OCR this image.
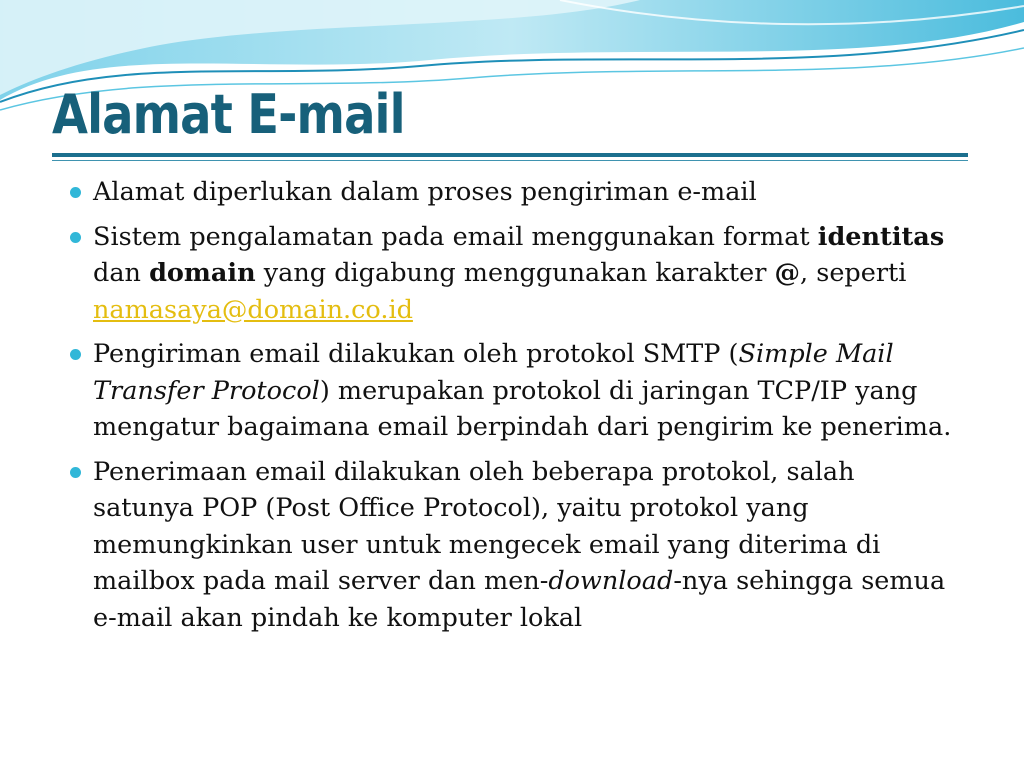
Alamat E-mail
Alamat diperlukan dalam proses pengiriman e-mail
Sistem pengalamatan pada email menggunakan format identitas dan domain yang digabung menggunakan karakter @, seperti namasaya@domain.co.id
Pengiriman email dilakukan oleh protokol SMTP (Simple Mail Transfer Protocol) merupakan protokol di jaringan TCP/IP yang mengatur bagaimana email berpindah dari pengirim ke penerima.
Penerimaan email dilakukan oleh beberapa protokol, salah satunya POP (Post Office Protocol), yaitu protokol yang memungkinkan user untuk mengecek email yang diterima di mailbox pada mail server dan men-download-nya sehingga semua e-mail akan pindah ke komputer lokal
